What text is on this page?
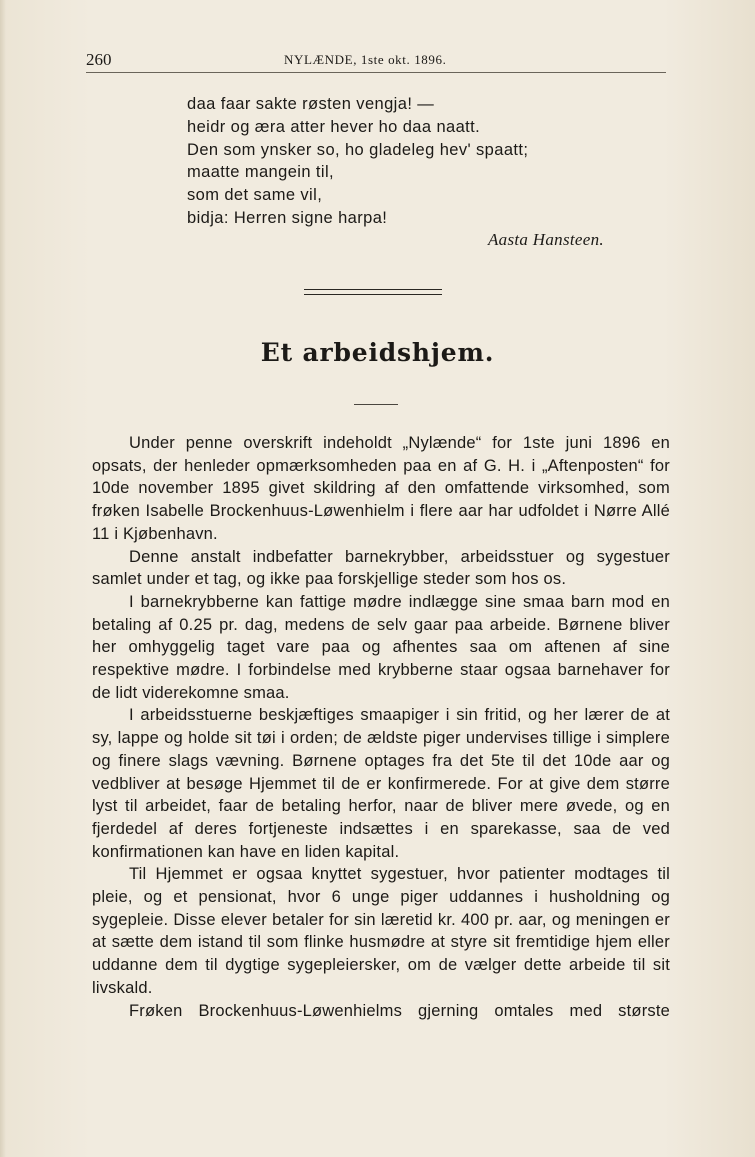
260	NYLÆNDE, 1ste okt. 1896.
daa faar sakte røsten vengja! —
heidr og æra atter hever ho daa naatt.
Den som ynsker so, ho gladeleg hev' spaatt;
maatte mangein til,
som det same vil,
bidja: Herren signe harpa!
Aasta Hansteen.
Et arbeidshjem.

Under penne overskrift indeholdt „Nylænde“ for 1ste juni 1896 en opsats, der henleder opmærksomheden paa en af G. H. i „Aftenposten“ for 10de november 1895 givet skildring af den omfattende virksomhed, som frøken Isabelle Brockenhuus-Løwenhielm i flere aar har udfoldet i Nørre Allé 11 i Kjøbenhavn.

Denne anstalt indbefatter barnekrybber, arbeidsstuer og sygestuer samlet under et tag, og ikke paa forskjellige steder som hos os.

I barnekrybberne kan fattige mødre indlægge sine smaa barn mod en betaling af 0.25 pr. dag, medens de selv gaar paa arbeide. Børnene bliver her omhyggelig taget vare paa og afhentes saa om aftenen af sine respektive mødre. I forbindelse med krybberne staar ogsaa barnehaver for de lidt viderekomne smaa.

I arbeidsstuerne beskjæftiges smaapiger i sin fritid, og her lærer de at sy, lappe og holde sit tøi i orden; de ældste piger undervises tillige i simplere og finere slags vævning. Børnene optages fra det 5te til det 10de aar og vedbliver at besøge Hjemmet til de er konfirmerede. For at give dem større lyst til arbeidet, faar de betaling herfor, naar de bliver mere øvede, og en fjerdedel af deres fortjeneste indsættes i en sparekasse, saa de ved konfirmationen kan have en liden kapital.

Til Hjemmet er ogsaa knyttet sygestuer, hvor patienter modtages til pleie, og et pensionat, hvor 6 unge piger uddannes i husholdning og sygepleie. Disse elever betaler for sin læretid kr. 400 pr. aar, og meningen er at sætte dem istand til som flinke husmødre at styre sit fremtidige hjem eller uddanne dem til dygtige sygepleiersker, om de vælger dette arbeide til sit livskald.

Frøken Brockenhuus-Løwenhielms gjerning omtales med største
